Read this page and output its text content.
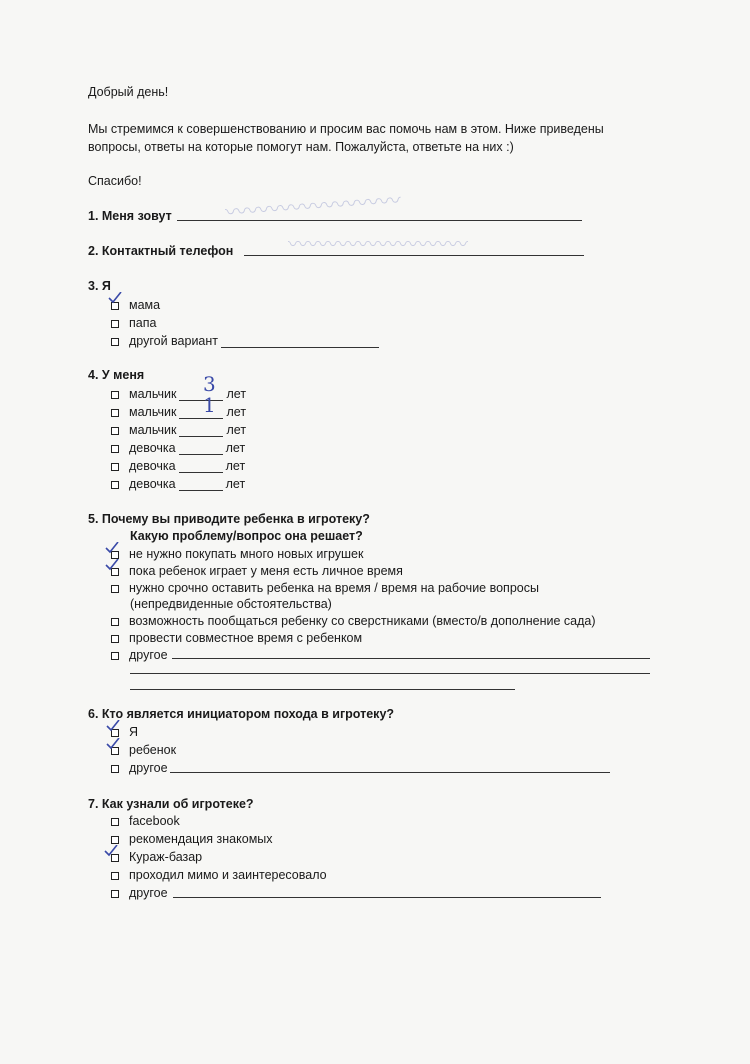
Добрый день!
Мы стремимся к совершенствованию и просим вас помочь нам в этом. Ниже приведены
вопросы, ответы на которые помогут нам. Пожалуйста, ответьте на них :)
Спасибо!
1. Меня зовут 〰〰〰〰〰〰〰〰
2. Контактный телефон	〰〰〰〰〰〰〰〰〰
3. Я
мама
папа
другой вариант
4. У меня
мальчик	лет
мальчик	лет
мальчик	лет
девочка	лет
девочка	лет
девочка	лет
3
1
5. Почему вы приводите ребенка в игротеку?
Какую проблему/вопрос она решает?
не нужно покупать много новых игрушек
пока ребенок играет у меня есть личное время
нужно срочно оставить ребенка на время / время на рабочие вопросы
(непредвиденные обстоятельства)
возможность пообщаться ребенку со сверстниками (вместо/в дополнение сада)
провести совместное время с ребенком
другое
6. Кто является инициатором похода в игротеку?
Я
ребенок
другое
7. Как узнали об игротеке?
facebook
рекомендация знакомых
Кураж-базар
проходил мимо и заинтересовало
другое
